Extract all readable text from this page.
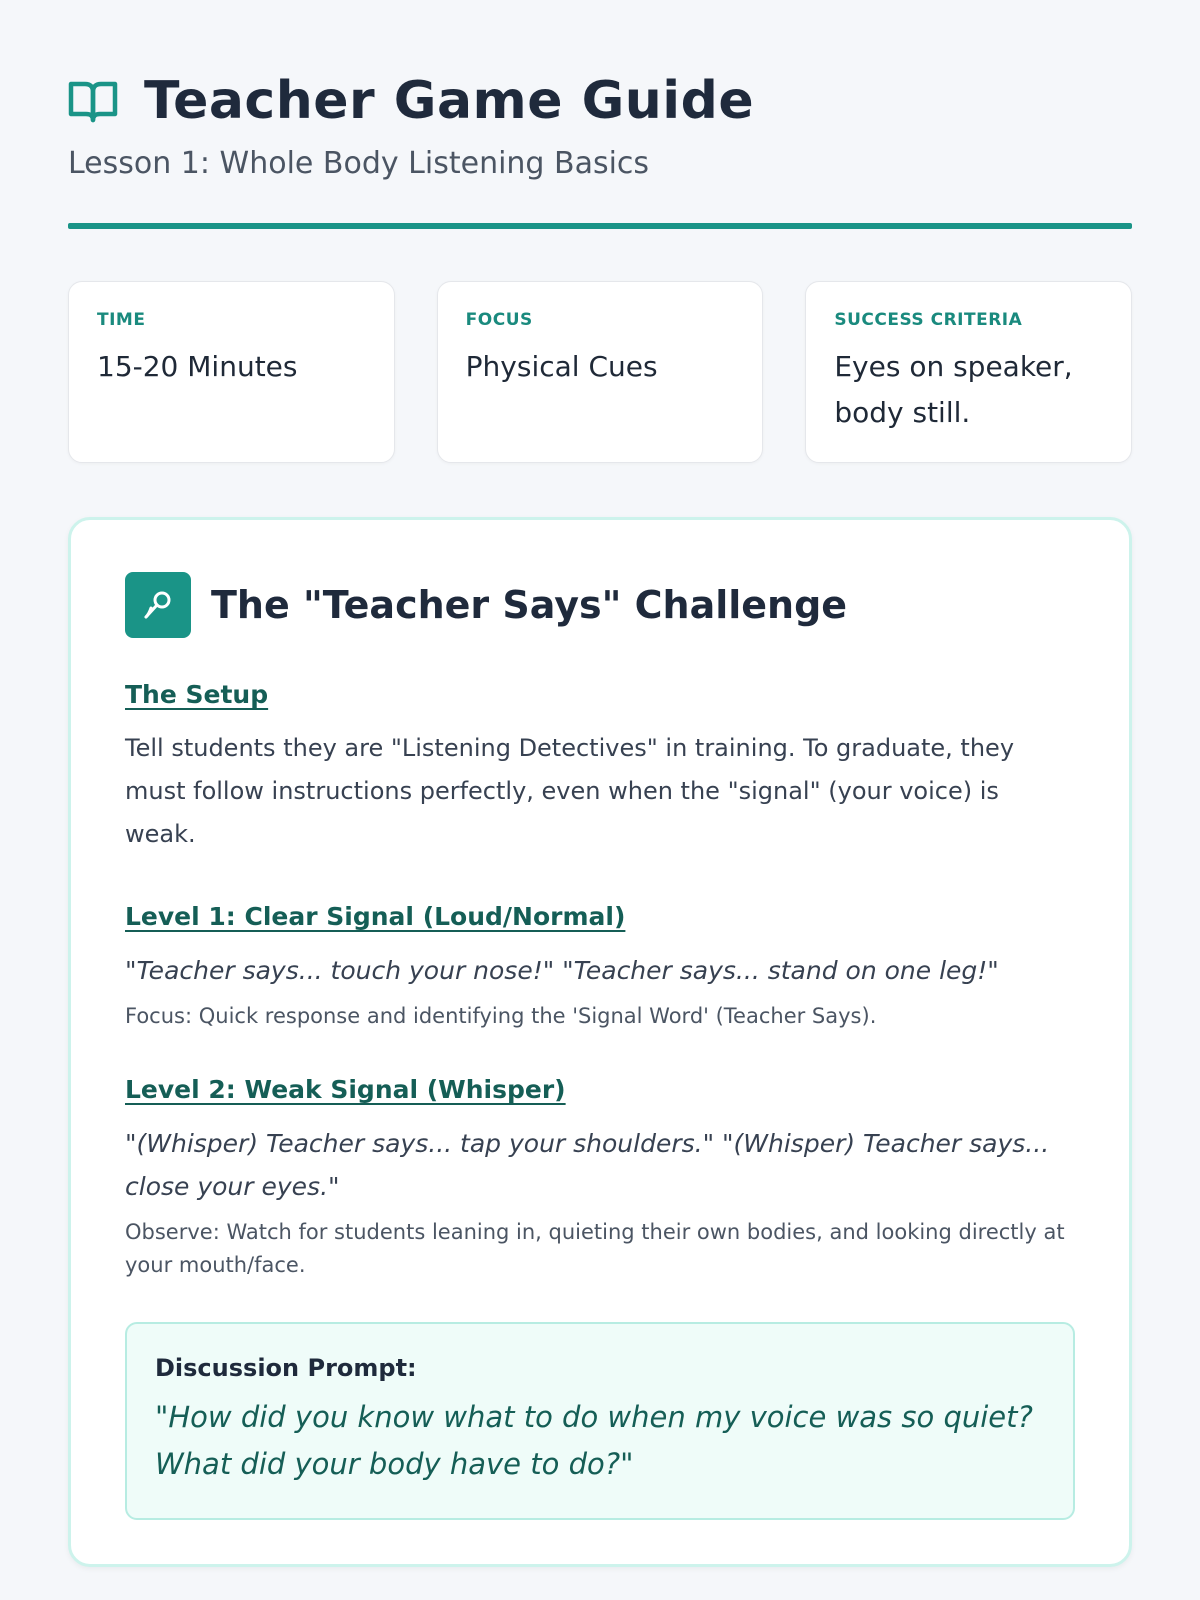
Teacher Game Guide
Lesson 1: Whole Body Listening Basics
TIME
15-20 Minutes
FOCUS
Physical Cues
SUCCESS CRITERIA
Eyes on speaker, body still.
The "Teacher Says" Challenge
The Setup
Tell students they are "Listening Detectives" in training. To graduate, they must follow instructions perfectly, even when the "signal" (your voice) is weak.
Level 1: Clear Signal (Loud/Normal)
"Teacher says... touch your nose!" "Teacher says... stand on one leg!"
Focus: Quick response and identifying the 'Signal Word' (Teacher Says).
Level 2: Weak Signal (Whisper)
"(Whisper) Teacher says... tap your shoulders." "(Whisper) Teacher says... close your eyes."
Observe: Watch for students leaning in, quieting their own bodies, and looking directly at your mouth/face.
Discussion Prompt:
"How did you know what to do when my voice was so quiet? What did your body have to do?"
